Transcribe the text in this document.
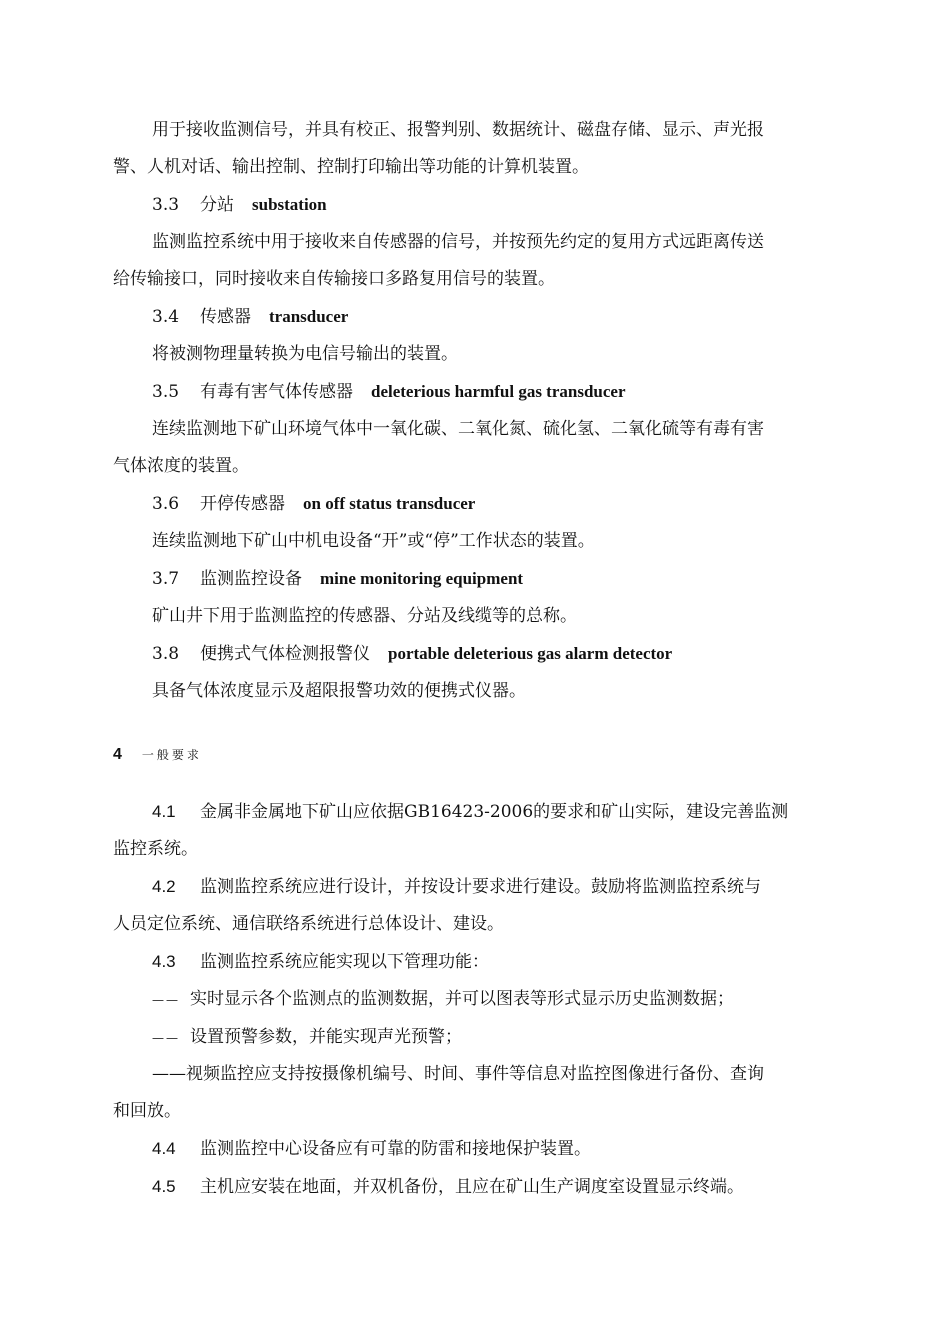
用于接收监测信号，并具有校正、报警判别、数据统计、磁盘存储、显示、声光报
警、人机对话、输出控制、控制打印输出等功能的计算机装置。
3.3 分站 substation
监测监控系统中用于接收来自传感器的信号，并按预先约定的复用方式远距离传送
给传输接口，同时接收来自传输接口多路复用信号的装置。
3.4 传感器 transducer
将被测物理量转换为电信号输出的装置。
3.5 有毒有害气体传感器 deleterious harmful gas transducer
连续监测地下矿山环境气体中一氧化碳、二氧化氮、硫化氢、二氧化硫等有毒有害
气体浓度的装置。
3.6 开停传感器 on off status transducer
连续监测地下矿山中机电设备“开”或“停”工作状态的装置。
3.7 监测监控设备 mine monitoring equipment
矿山井下用于监测监控的传感器、分站及线缆等的总称。
3.8 便携式气体检测报警仪 portable deleterious gas alarm detector
具备气体浓度显示及超限报警功效的便携式仪器。
4 一般要求
4.1 金属非金属地下矿山应依据GB16423-2006的要求和矿山实际，建设完善监测
监控系统。
4.2 监测监控系统应进行设计，并按设计要求进行建设。鼓励将监测监控系统与
人员定位系统、通信联络系统进行总体设计、建设。
4.3 监测监控系统应能实现以下管理功能：
—— 实时显示各个监测点的监测数据，并可以图表等形式显示历史监测数据；
—— 设置预警参数，并能实现声光预警；
——视频监控应支持按摄像机编号、时间、事件等信息对监控图像进行备份、查询
和回放。
4.4 监测监控中心设备应有可靠的防雷和接地保护装置。
4.5 主机应安装在地面，并双机备份，且应在矿山生产调度室设置显示终端。
